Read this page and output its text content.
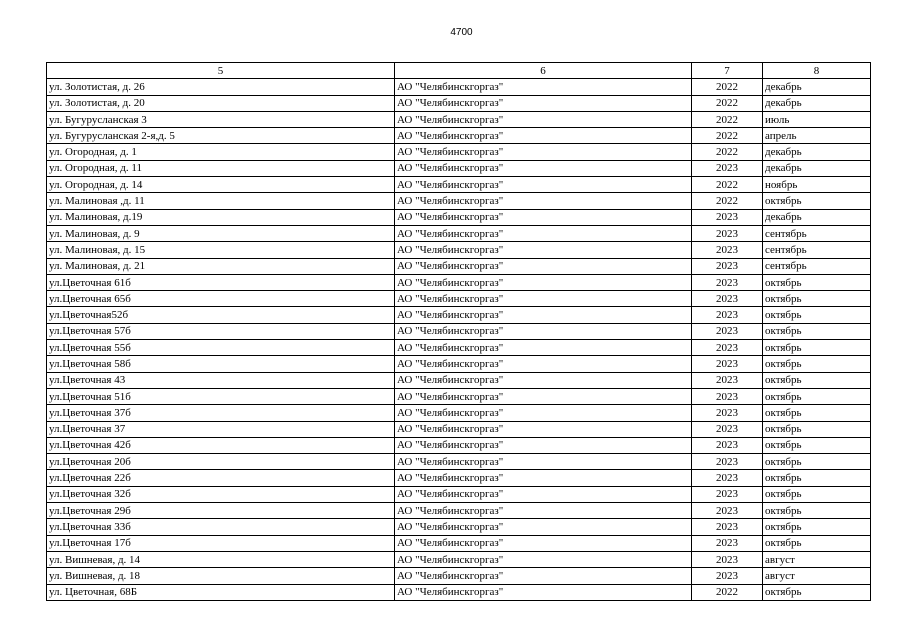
4700
5	6	7	8
ул. Золотистая, д. 26	АО "Челябинскгоргаз"	2022	декабрь
ул. Золотистая, д. 20	АО "Челябинскгоргаз"	2022	декабрь
ул. Бугурусланская 3	АО "Челябинскгоргаз"	2022	июль
ул. Бугурусланская 2-я,д. 5	АО "Челябинскгоргаз"	2022	апрель
ул. Огородная, д. 1	АО "Челябинскгоргаз"	2022	декабрь
ул. Огородная, д. 11	АО "Челябинскгоргаз"	2023	декабрь
ул. Огородная, д. 14	АО "Челябинскгоргаз"	2022	ноябрь
ул. Малиновая ,д. 11	АО "Челябинскгоргаз"	2022	октябрь
ул. Малиновая, д.19	АО "Челябинскгоргаз"	2023	декабрь
ул. Малиновая, д. 9	АО "Челябинскгоргаз"	2023	сентябрь
ул. Малиновая, д. 15	АО "Челябинскгоргаз"	2023	сентябрь
ул. Малиновая, д. 21	АО "Челябинскгоргаз"	2023	сентябрь
ул.Цветочная 61б	АО "Челябинскгоргаз"	2023	октябрь
ул.Цветочная 65б	АО "Челябинскгоргаз"	2023	октябрь
ул.Цветочная52б	АО "Челябинскгоргаз"	2023	октябрь
ул.Цветочная 57б	АО "Челябинскгоргаз"	2023	октябрь
ул.Цветочная 55б	АО "Челябинскгоргаз"	2023	октябрь
ул.Цветочная 58б	АО "Челябинскгоргаз"	2023	октябрь
ул.Цветочная 43	АО "Челябинскгоргаз"	2023	октябрь
ул.Цветочная 51б	АО "Челябинскгоргаз"	2023	октябрь
ул.Цветочная 37б	АО "Челябинскгоргаз"	2023	октябрь
ул.Цветочная 37	АО "Челябинскгоргаз"	2023	октябрь
ул.Цветочная 42б	АО "Челябинскгоргаз"	2023	октябрь
ул.Цветочная 20б	АО "Челябинскгоргаз"	2023	октябрь
ул.Цветочная 22б	АО "Челябинскгоргаз"	2023	октябрь
ул.Цветочная 32б	АО "Челябинскгоргаз"	2023	октябрь
ул.Цветочная 29б	АО "Челябинскгоргаз"	2023	октябрь
ул.Цветочная 33б	АО "Челябинскгоргаз"	2023	октябрь
ул.Цветочная 17б	АО "Челябинскгоргаз"	2023	октябрь
ул. Вишневая, д. 14	АО "Челябинскгоргаз"	2023	август
ул. Вишневая, д. 18	АО "Челябинскгоргаз"	2023	август
ул. Цветочная, 68Б	АО "Челябинскгоргаз"	2022	октябрь
